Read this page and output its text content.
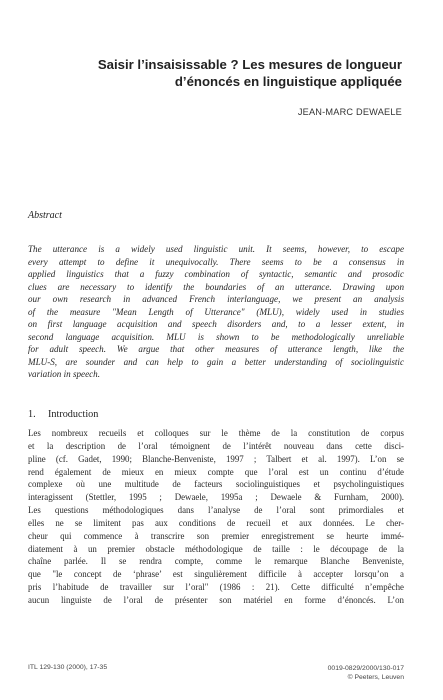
Saisir l’insaisissable ? Les mesures de longueur
d’énoncés en linguistique appliquée
JEAN-MARC DEWAELE
Abstract
The utterance is a widely used linguistic unit. It seems, however, to escape
every attempt to define it unequivocally. There seems to be a consensus in
applied linguistics that a fuzzy combination of syntactic, semantic and prosodic
clues are necessary to identify the boundaries of an utterance. Drawing upon
our own research in advanced French interlanguage, we present an analysis
of the measure "Mean Length of Utterance" (MLU), widely used in studies
on first language acquisition and speech disorders and, to a lesser extent, in
second language acquisition. MLU is shown to be methodologically unreliable
for adult speech. We argue that other measures of utterance length, like the
MLU-S, are sounder and can help to gain a better understanding of sociolinguistic
variation in speech.
1. Introduction
Les nombreux recueils et colloques sur le thème de la constitution de corpus
et la description de l’oral témoignent de l’intérêt nouveau dans cette disci-
pline (cf. Gadet, 1990; Blanche-Benveniste, 1997 ; Talbert et al. 1997). L’on se
rend également de mieux en mieux compte que l’oral est un continu d’étude
complexe où une multitude de facteurs sociolinguistiques et psycholinguistiques
interagissent (Stettler, 1995 ; Dewaele, 1995a ; Dewaele & Furnham, 2000).
Les questions méthodologiques dans l’analyse de l’oral sont primordiales et
elles ne se limitent pas aux conditions de recueil et aux données. Le cher-
cheur qui commence à transcrire son premier enregistrement se heurte immé-
diatement à un premier obstacle méthodologique de taille : le découpage de la
chaîne parlée. Il se rendra compte, comme le remarque Blanche Benveniste,
que "le concept de ‘phrase’ est singulièrement difficile à accepter lorsqu’on a
pris l’habitude de travailler sur l’oral" (1986 : 21). Cette difficulté n’empêche
aucun linguiste de l’oral de présenter son matériel en forme d’énoncés. L’on
ITL 129-130 (2000), 17-35	0019-0829/2000/130-017
© Peeters, Leuven
